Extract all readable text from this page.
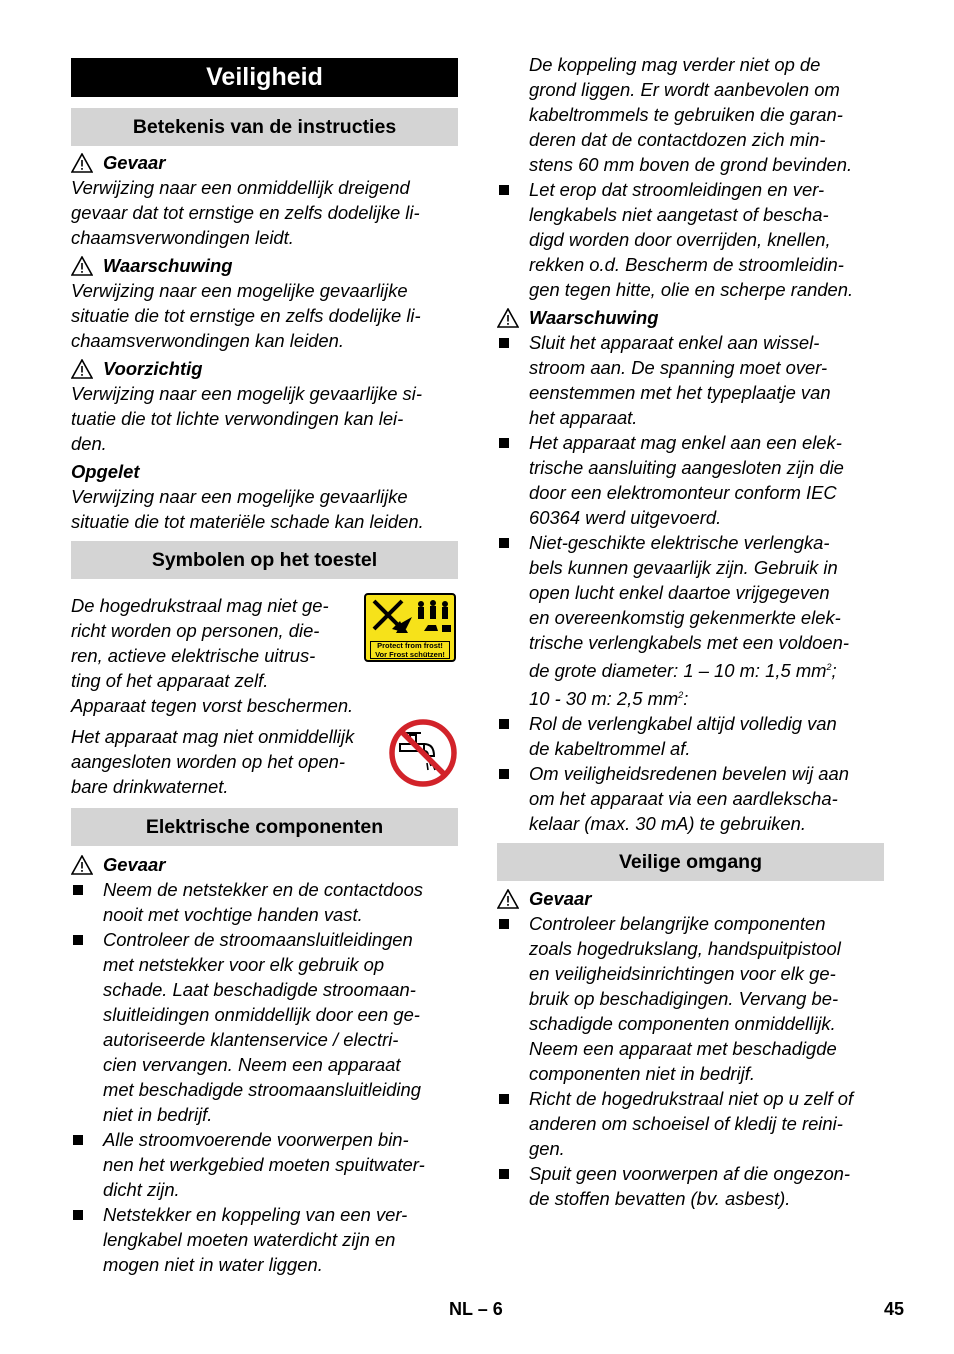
Veiligheid
Betekenis van de instructies
Gevaar

Verwijzing naar een onmiddellijk dreigend

gevaar dat tot ernstige en zelfs dodelijke li-

chaamsverwondingen leidt.

Waarschuwing

Verwijzing naar een mogelijke gevaarlijke

situatie die tot ernstige en zelfs dodelijke li-

chaamsverwondingen kan leiden.

Voorzichtig

Verwijzing naar een mogelijk gevaarlijke si-

tuatie die tot lichte verwondingen kan lei-

den.

Opgelet

Verwijzing naar een mogelijke gevaarlijke

situatie die tot materiële schade kan leiden.

Symbolen op het toestel

De hogedrukstraal mag niet ge-

richt worden op personen, die-

ren, actieve elektrische uitrus-

ting of het apparaat zelf.

Apparaat tegen vorst beschermen.

Protect from frost!
Vor Frost schützen!

Het apparaat mag niet onmiddellijk

aangesloten worden op het open-

bare drinkwaternet.

Elektrische componenten
Gevaar
Neem de netstekker en de contactdoos
nooit met vochtige handen vast.
Controleer de stroomaansluitleidingen
met netstekker voor elk gebruik op
schade. Laat beschadigde stroomaan-
sluitleidingen onmiddellijk door een ge-
autoriseerde klantenservice / electri-
cien vervangen. Neem een apparaat
met beschadigde stroomaansluitleiding
niet in bedrijf.
Alle stroomvoerende voorwerpen bin-
nen het werkgebied moeten spuitwater-
dicht zijn.
Netstekker en koppeling van een ver-
lengkabel moeten waterdicht zijn en
mogen niet in water liggen.

De koppeling mag verder niet op de

grond liggen. Er wordt aanbevolen om

kabeltrommels te gebruiken die garan-

deren dat de contactdozen zich min-

stens 60 mm boven de grond bevinden.

Let erop dat stroomleidingen en ver-
lengkabels niet aangetast of bescha-
digd worden door overrijden, knellen,
rekken o.d. Bescherm de stroomleidin-
gen tegen hitte, olie en scherpe randen.
Waarschuwing
Sluit het apparaat enkel aan wissel-
stroom aan. De spanning moet over-
eenstemmen met het typeplaatje van
het apparaat.
Het apparaat mag enkel aan een elek-
trische aansluiting aangesloten zijn die
door een elektromonteur conform IEC
60364 werd uitgevoerd.
Niet-geschikte elektrische verlengka-
bels kunnen gevaarlijk zijn. Gebruik in
open lucht enkel daartoe vrijgegeven
en overeenkomstig gekenmerkte elek-
trische verlengkabels met een voldoen-
de grote diameter: 1 – 10 m: 1,5 $mm^2$;
10 - 30 m: 2,5 $mm^2$:
Rol de verlengkabel altijd volledig van
de kabeltrommel af.
Om veiligheidsredenen bevelen wij aan
om het apparaat via een aardlekscha-
kelaar (max. 30 mA) te gebruiken.
Veilige omgang
Gevaar
Controleer belangrijke componenten
zoals hogedrukslang, handspuitpistool
en veiligheidsinrichtingen voor elk ge-
bruik op beschadigingen. Vervang be-
schadigde componenten onmiddellijk.
Neem een apparaat met beschadigde
componenten niet in bedrijf.
Richt de hogedrukstraal niet op u zelf of
anderen om schoeisel of kledij te reini-
gen.
Spuit geen voorwerpen af die ongezon-
de stoffen bevatten (bv. asbest).
NL – 6	45
